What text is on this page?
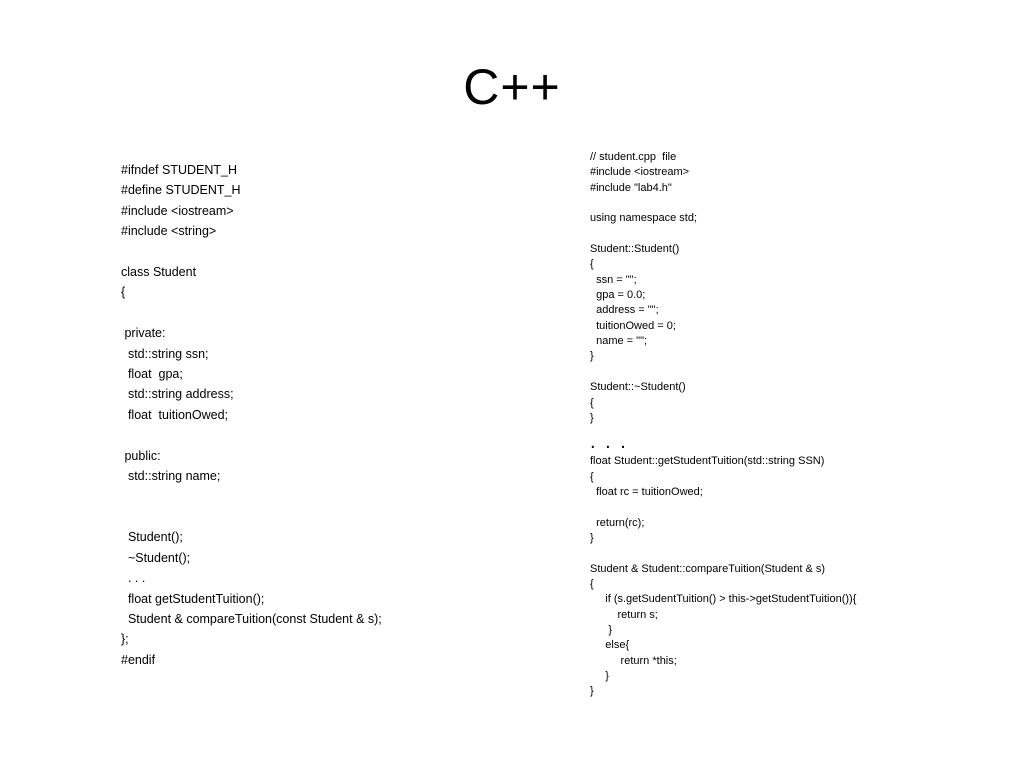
C++
#ifndef STUDENT_H
#define STUDENT_H
#include <iostream>
#include <string>

class Student
{

private:
std::string ssn;
float  gpa;
std::string address;
float  tuitionOwed;

public:
std::string name;

Student();
~Student();
. . .
float getStudentTuition();
Student & compareTuition(const Student & s);
};
#endif
// student.cpp  file
#include <iostream>
#include "lab4.h"

using namespace std;

Student::Student()
{
ssn = "";
gpa = 0.0;
address = "";
tuitionOwed = 0;
name = "";
}

Student::~Student()
{
}
. . .
float Student::getStudentTuition(std::string SSN)
{
float rc = tuitionOwed;

return(rc);
}

Student & Student::compareTuition(Student & s)
{
if (s.getSudentTuition() > this->getStudentTuition()){
return s;
}
else{
return *this;
}
}
